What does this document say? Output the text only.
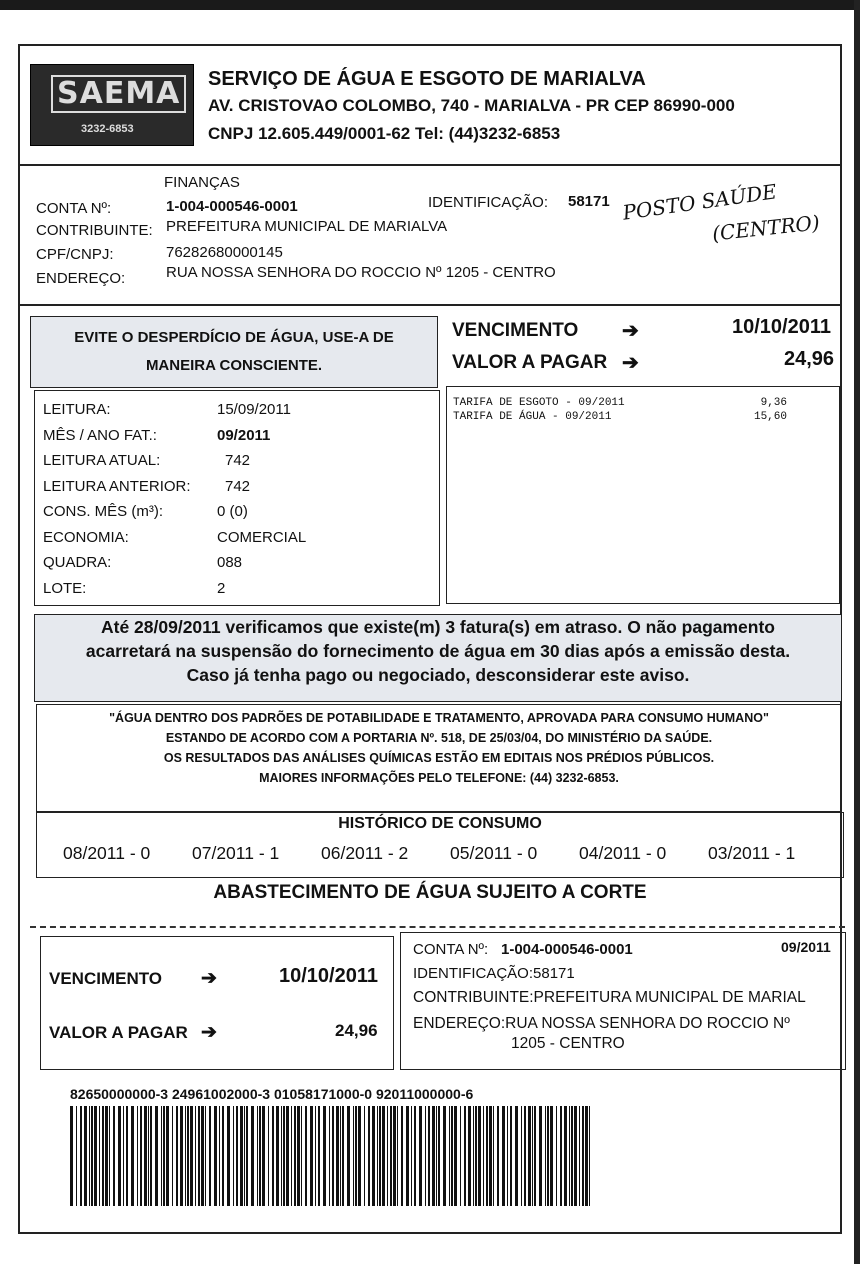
SAEMA
3232-6853
SERVIÇO DE ÁGUA E ESGOTO DE MARIALVA
AV. CRISTOVAO COLOMBO, 740 - MARIALVA - PR CEP 86990-000
CNPJ 12.605.449/0001-62 Tel: (44)3232-6853
FINANÇAS
CONTA Nº:	1-004-000546-0001	IDENTIFICAÇÃO: 58171
CONTRIBUINTE: PREFEITURA MUNICIPAL DE MARIALVA
CPF/CNPJ:	76282680000145
ENDEREÇO:	RUA NOSSA SENHORA DO ROCCIO Nº 1205 - CENTRO
POSTO SAÚDE
(CENTRO)
EVITE O DESPERDÍCIO DE ÁGUA, USE-A DE
MANEIRA CONSCIENTE.
VENCIMENTO ➔	10/10/2011
VALOR A PAGAR ➔	24,96
LEITURA:	15/09/2011
MÊS / ANO FAT.:	09/2011
LEITURA ATUAL:	742
LEITURA ANTERIOR: 742
CONS. MÊS (m³):	0 (0)
ECONOMIA:	COMERCIAL
QUADRA:	088
LOTE:	2
TARIFA DE ESGOTO - 09/2011	9,36
TARIFA DE ÁGUA - 09/2011	15,60
Até 28/09/2011 verificamos que existe(m) 3 fatura(s) em atraso. O não pagamento
acarretará na suspensão do fornecimento de água em 30 dias após a emissão desta.
Caso já tenha pago ou negociado, desconsiderar este aviso.
"ÁGUA DENTRO DOS PADRÕES DE POTABILIDADE E TRATAMENTO, APROVADA PARA CONSUMO HUMANO"
ESTANDO DE ACORDO COM A PORTARIA Nº. 518, DE 25/03/04, DO MINISTÉRIO DA SAÚDE.
OS RESULTADOS DAS ANÁLISES QUÍMICAS ESTÃO EM EDITAIS NOS PRÉDIOS PÚBLICOS.
MAIORES INFORMAÇÕES PELO TELEFONE: (44) 3232-6853.
HISTÓRICO DE CONSUMO
08/2011 - 0 07/2011 - 1 06/2011 - 2 05/2011 - 0 04/2011 - 0 03/2011 - 1
ABASTECIMENTO DE ÁGUA SUJEITO A CORTE
VENCIMENTO ➔	10/10/2011
VALOR A PAGAR ➔	24,96
CONTA Nº: 1-004-000546-0001	09/2011
IDENTIFICAÇÃO:58171
CONTRIBUINTE:PREFEITURA MUNICIPAL DE MARIAL
ENDEREÇO:RUA NOSSA SENHORA DO ROCCIO Nº
1205 - CENTRO
82650000000-3 24961002000-3 01058171000-0 92011000000-6
